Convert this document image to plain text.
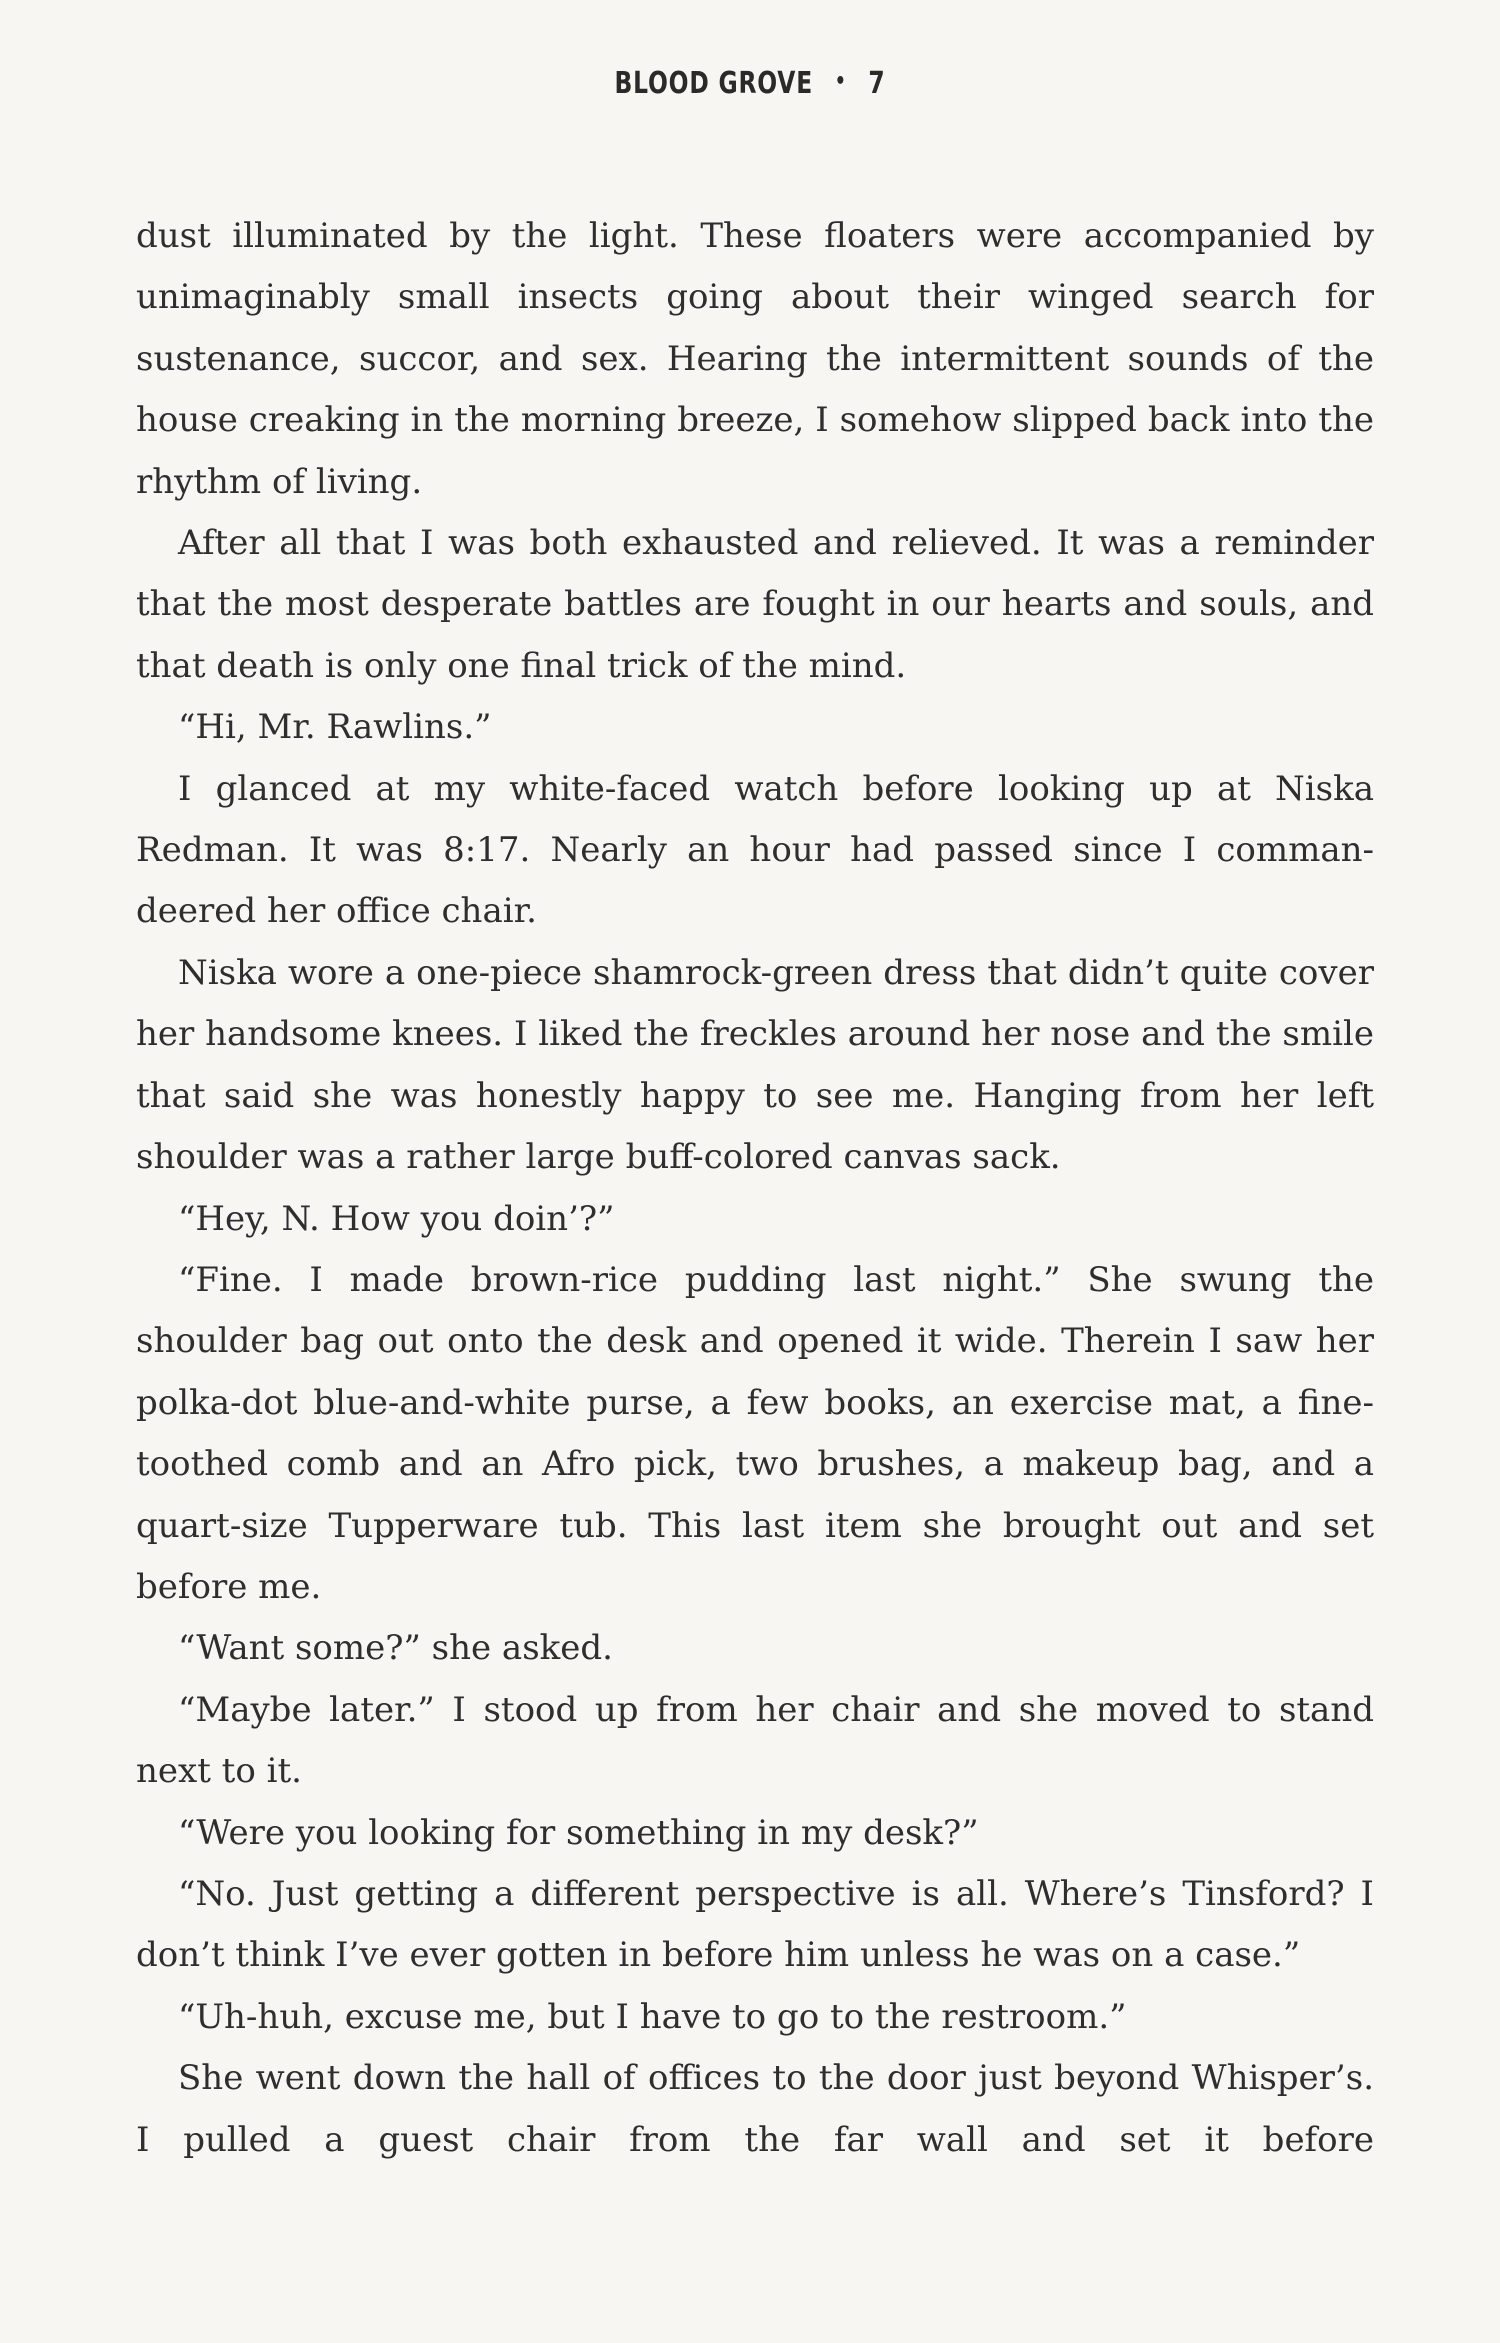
BLOOD GROVE • 7

dust illuminated by the light. These floaters were accompanied by unimaginably small insects going about their winged search for sustenance, succor, and sex. Hearing the intermittent sounds of the house creaking in the morning breeze, I somehow slipped back into the rhythm of living.

After all that I was both exhausted and relieved. It was a reminder that the most desperate battles are fought in our hearts and souls, and that death is only one final trick of the mind.

“Hi, Mr. Rawlins.”

I glanced at my white-faced watch before looking up at Niska Redman. It was 8:17. Nearly an hour had passed since I commandeered her office chair.

Niska wore a one-piece shamrock-green dress that didn’t quite cover her handsome knees. I liked the freckles around her nose and the smile that said she was honestly happy to see me. Hanging from her left shoulder was a rather large buff-colored canvas sack.

“Hey, N. How you doin’?”

“Fine. I made brown-rice pudding last night.” She swung the shoulder bag out onto the desk and opened it wide. Therein I saw her polka-dot blue-and-white purse, a few books, an exercise mat, a fine-toothed comb and an Afro pick, two brushes, a makeup bag, and a quart-size Tupperware tub. This last item she brought out and set before me.

“Want some?” she asked.

“Maybe later.” I stood up from her chair and she moved to stand next to it.

“Were you looking for something in my desk?”

“No. Just getting a different perspective is all. Where’s Tinsford? I don’t think I’ve ever gotten in before him unless he was on a case.”

“Uh-huh, excuse me, but I have to go to the restroom.”

She went down the hall of offices to the door just beyond Whisper’s. I pulled a guest chair from the far wall and set it before
